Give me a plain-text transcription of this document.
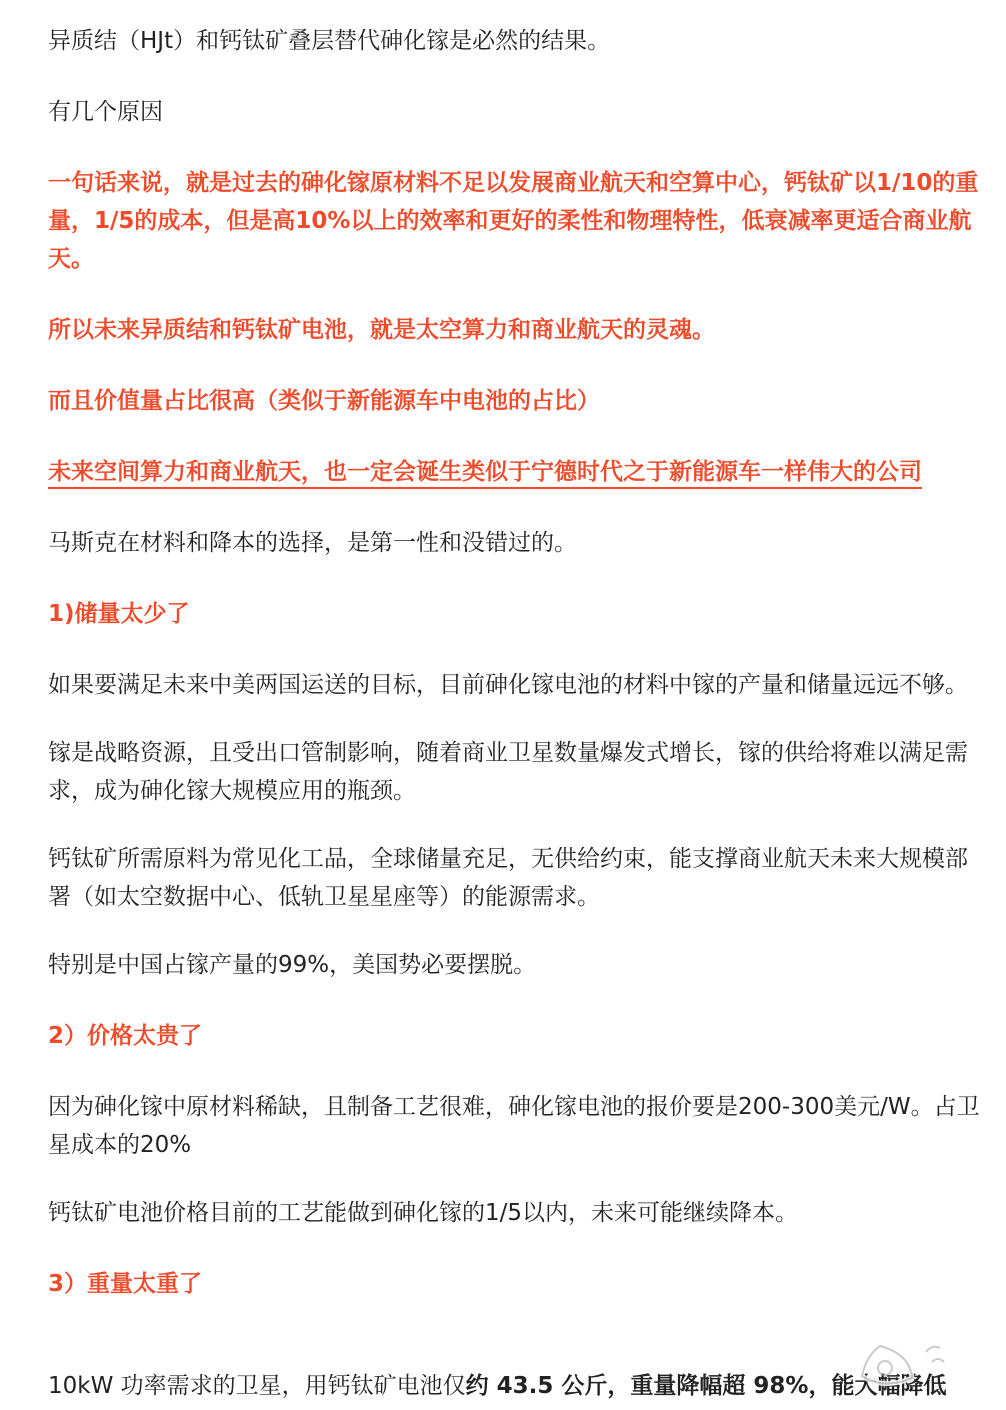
异质结（HJt）和钙钛矿叠层替代砷化镓是必然的结果。

有几个原因

一句话来说，就是过去的砷化镓原材料不足以发展商业航天和空算中心，钙钛矿以1/10的重量，1/5的成本，但是高10%以上的效率和更好的柔性和物理特性，低衰减率更适合商业航天。

所以未来异质结和钙钛矿电池，就是太空算力和商业航天的灵魂。

而且价值量占比很高（类似于新能源车中电池的占比）

未来空间算力和商业航天，也一定会诞生类似于宁德时代之于新能源车一样伟大的公司

马斯克在材料和降本的选择，是第一性和没错过的。

1)储量太少了

如果要满足未来中美两国运送的目标，目前砷化镓电池的材料中镓的产量和储量远远不够。

镓是战略资源，且受出口管制影响，随着商业卫星数量爆发式增长，镓的供给将难以满足需求，成为砷化镓大规模应用的瓶颈。

钙钛矿所需原料为常见化工品，全球储量充足，无供给约束，能支撑商业航天未来大规模部署（如太空数据中心、低轨卫星星座等）的能源需求。

特别是中国占镓产量的99%，美国势必要摆脱。

2）价格太贵了

因为砷化镓中原材料稀缺，且制备工艺很难，砷化镓电池的报价要是200-300美元/W。占卫星成本的20%

钙钛矿电池价格目前的工艺能做到砷化镓的1/5以内，未来可能继续降本。

3）重量太重了

10kW 功率需求的卫星，用钙钛矿电池仅约 43.5 公斤，重量降幅超 98%，能大幅降低
